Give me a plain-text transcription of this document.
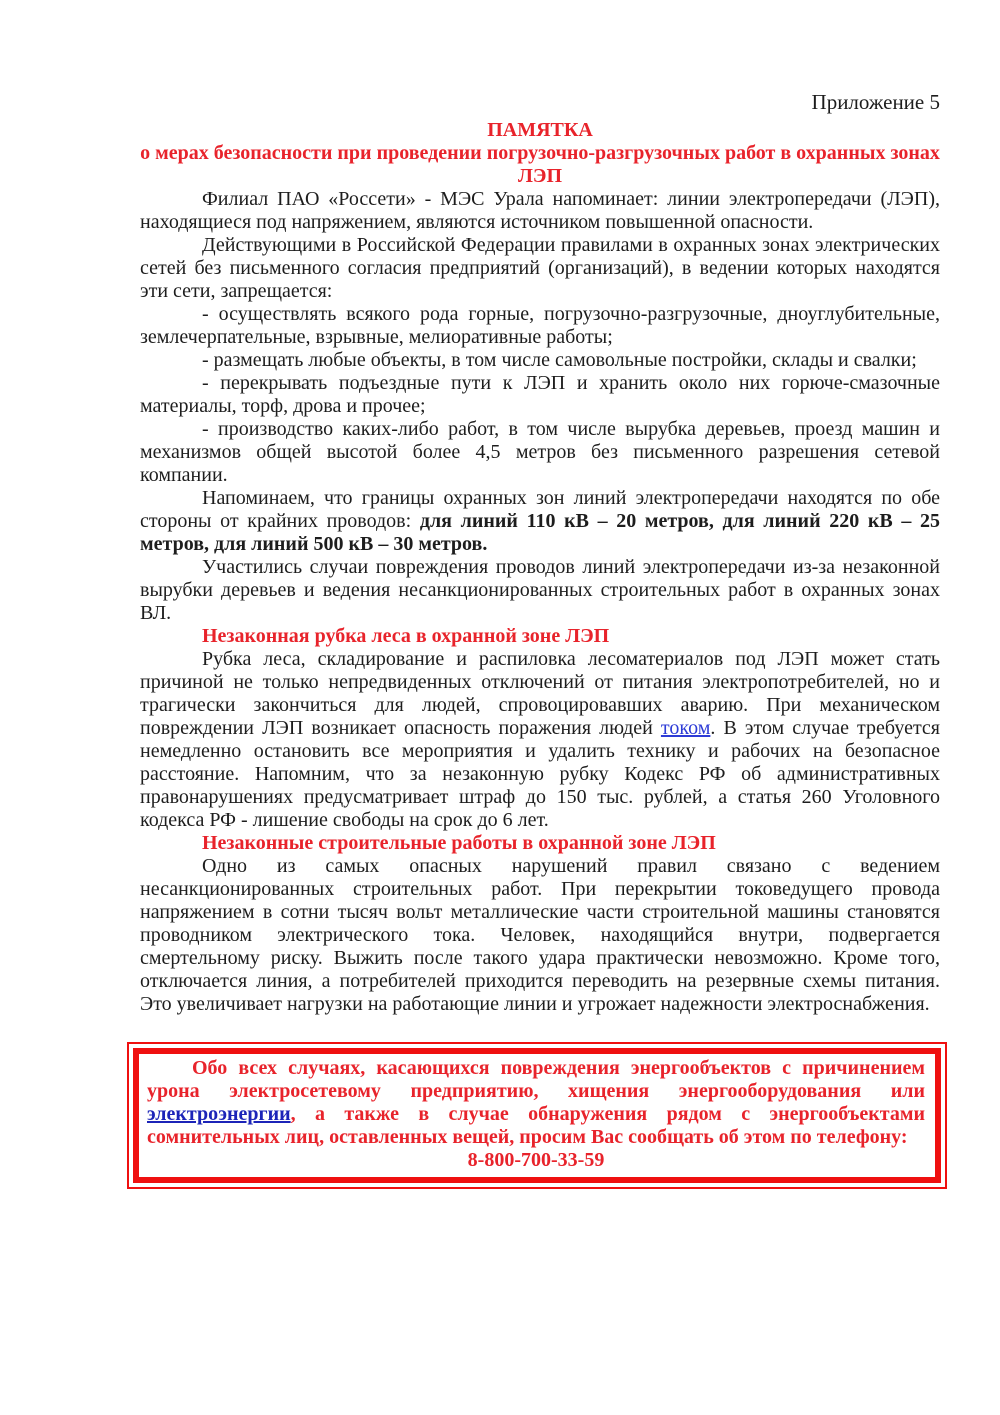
Приложение 5
ПАМЯТКА
о мерах безопасности при проведении погрузочно-разгрузочных работ в охранных зонах ЛЭП

Филиал ПАО «Россети» - МЭС Урала напоминает: линии электропередачи (ЛЭП), находящиеся под напряжением, являются источником повышенной опасности.

Действующими в Российской Федерации правилами в охранных зонах электрических сетей без письменного согласия предприятий (организаций), в ведении которых находятся эти сети, запрещается:

- осуществлять всякого рода горные, погрузочно-разгрузочные, дноуглубительные, землечерпательные, взрывные, мелиоративные работы;

- размещать любые объекты, в том числе самовольные постройки, склады и свалки;

- перекрывать подъездные пути к ЛЭП и хранить около них горюче-смазочные материалы, торф, дрова и прочее;

- производство каких-либо работ, в том числе вырубка деревьев, проезд машин и механизмов общей высотой более 4,5 метров без письменного разрешения сетевой компании.

Напоминаем, что границы охранных зон линий электропередачи находятся по обе стороны от крайних проводов: для линий 110 кВ – 20 метров, для линий 220 кВ – 25 метров, для линий 500 кВ – 30 метров.

Участились случаи повреждения проводов линий электропередачи из-за незаконной вырубки деревьев и ведения несанкционированных строительных работ в охранных зонах ВЛ.

Незаконная рубка леса в охранной зоне ЛЭП

Рубка леса, складирование и распиловка лесоматериалов под ЛЭП может стать причиной не только непредвиденных отключений от питания электропотребителей, но и трагически закончиться для людей, спровоцировавших аварию. При механическом повреждении ЛЭП возникает опасность поражения людей током. В этом случае требуется немедленно остановить все мероприятия и удалить технику и рабочих на безопасное расстояние. Напомним, что за незаконную рубку Кодекс РФ об административных правонарушениях предусматривает штраф до 150 тыс. рублей, а статья 260 Уголовного кодекса РФ - лишение свободы на срок до 6 лет.

Незаконные строительные работы в охранной зоне ЛЭП

Одно из самых опасных нарушений правил связано с ведением несанкционированных строительных работ. При перекрытии токоведущего провода напряжением в сотни тысяч вольт металлические части строительной машины становятся проводником электрического тока. Человек, находящийся внутри, подвергается смертельному риску. Выжить после такого удара практически невозможно. Кроме того, отключается линия, а потребителей приходится переводить на резервные схемы питания. Это увеличивает нагрузки на работающие линии и угрожает надежности электроснабжения.

Обо всех случаях, касающихся повреждения энергообъектов с причинением урона электросетевому предприятию, хищения энергооборудования или электроэнергии, а также в случае обнаружения рядом с энергообъектами сомнительных лиц, оставленных вещей, просим Вас сообщать об этом по телефону:

8-800-700-33-59
